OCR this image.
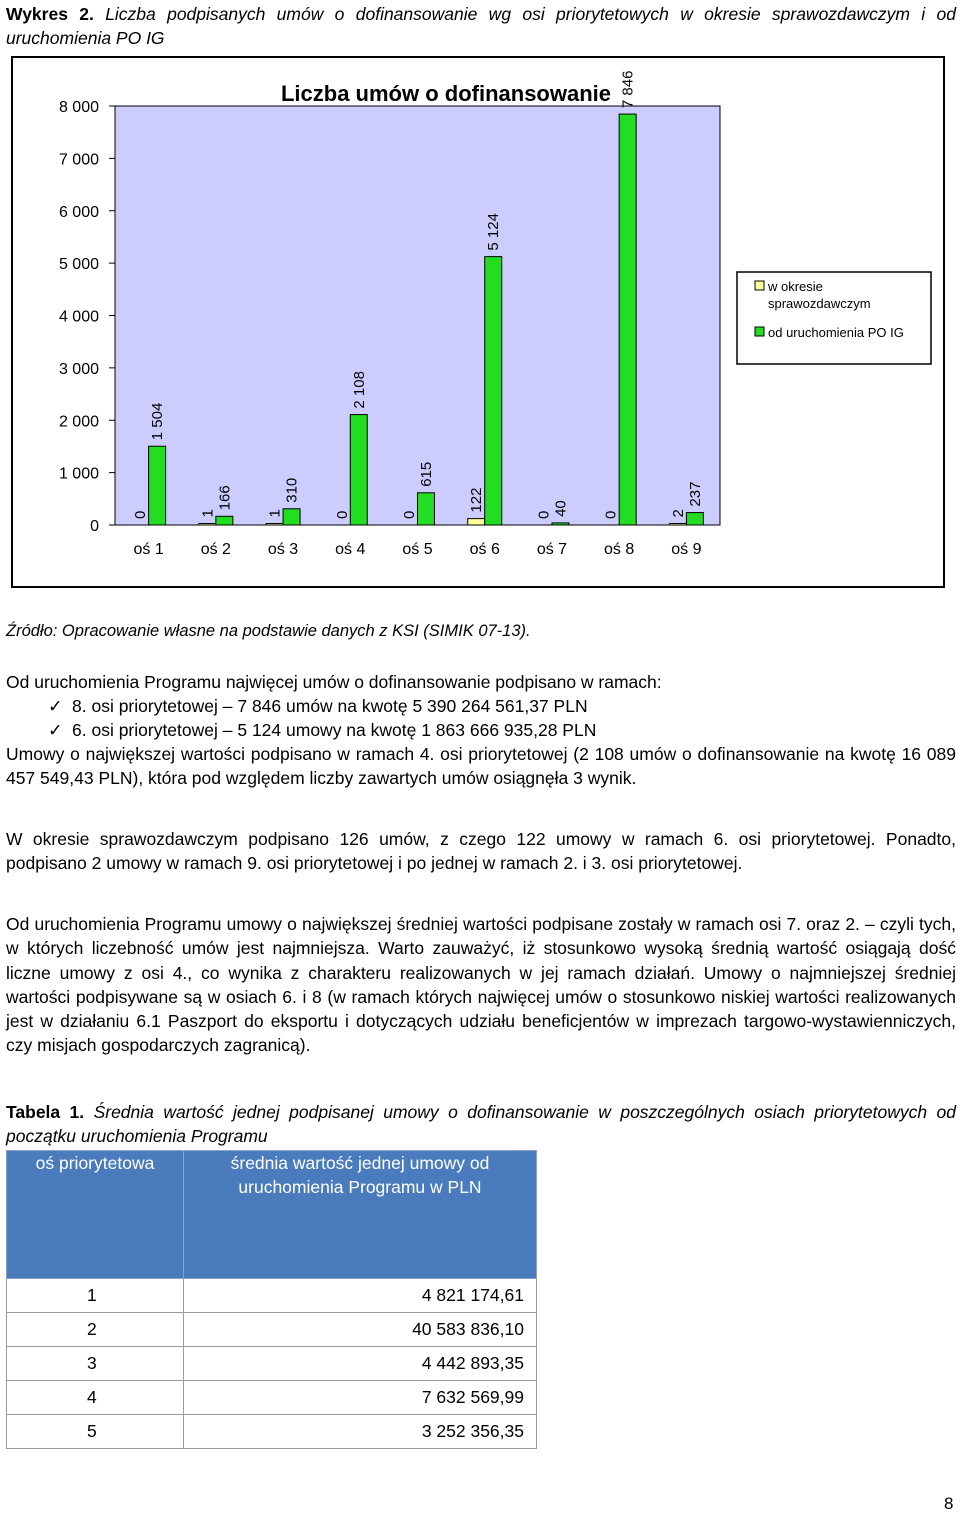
Wykres 2. Liczba podpisanych umów o dofinansowanie wg osi priorytetowych w okresie sprawozdawczym i od uruchomienia PO IG
Liczba umów o dofinansowanie
0
1 000
2 000
3 000
4 000
5 000
6 000
7 000
8 000
0
1 504
oś 1
1
166
oś 2
1
310
oś 3
0
2 108
oś 4
0
615
oś 5
122
5 124
oś 6
0 40
oś 7
0
7 846
oś 8
2
237
oś 9
w okresie
sprawozdawczym
od uruchomienia PO IG
Źródło: Opracowanie własne na podstawie danych z KSI (SIMIK 07-13).
Od uruchomienia Programu najwięcej umów o dofinansowanie podpisano w ramach:
✓ 8. osi priorytetowej – 7 846 umów na kwotę 5 390 264 561,37 PLN
✓ 6. osi priorytetowej – 5 124 umowy na kwotę 1 863 666 935,28 PLN
Umowy o największej wartości podpisano w ramach 4. osi priorytetowej (2 108 umów o dofinansowanie na kwotę 16 089 457 549,43 PLN), która pod względem liczby zawartych umów osiągnęła 3 wynik.
W okresie sprawozdawczym podpisano 126 umów, z czego 122 umowy w ramach 6. osi priorytetowej. Ponadto, podpisano 2 umowy w ramach 9. osi priorytetowej i po jednej w ramach 2. i 3. osi priorytetowej.
Od uruchomienia Programu umowy o największej średniej wartości podpisane zostały w ramach osi 7. oraz 2. – czyli tych, w których liczebność umów jest najmniejsza. Warto zauważyć, iż stosunkowo wysoką średnią wartość osiągają dość liczne umowy z osi 4., co wynika z charakteru realizowanych w jej ramach działań. Umowy o najmniejszej średniej wartości podpisywane są w osiach 6. i 8 (w ramach których najwięcej umów o stosunkowo niskiej wartości realizowanych jest w działaniu 6.1 Paszport do eksportu i dotyczących udziału beneficjentów w imprezach targowo-wystawienniczych, czy misjach gospodarczych zagranicą).
Tabela 1. Średnia wartość jednej podpisanej umowy o dofinansowanie w poszczególnych osiach priorytetowych od początku uruchomienia Programu
oś priorytetowa	średnia wartość jednej umowy od uruchomienia Programu w PLN
1	4 821 174,61
2	40 583 836,10
3	4 442 893,35
4	7 632 569,99
5	3 252 356,35
8
